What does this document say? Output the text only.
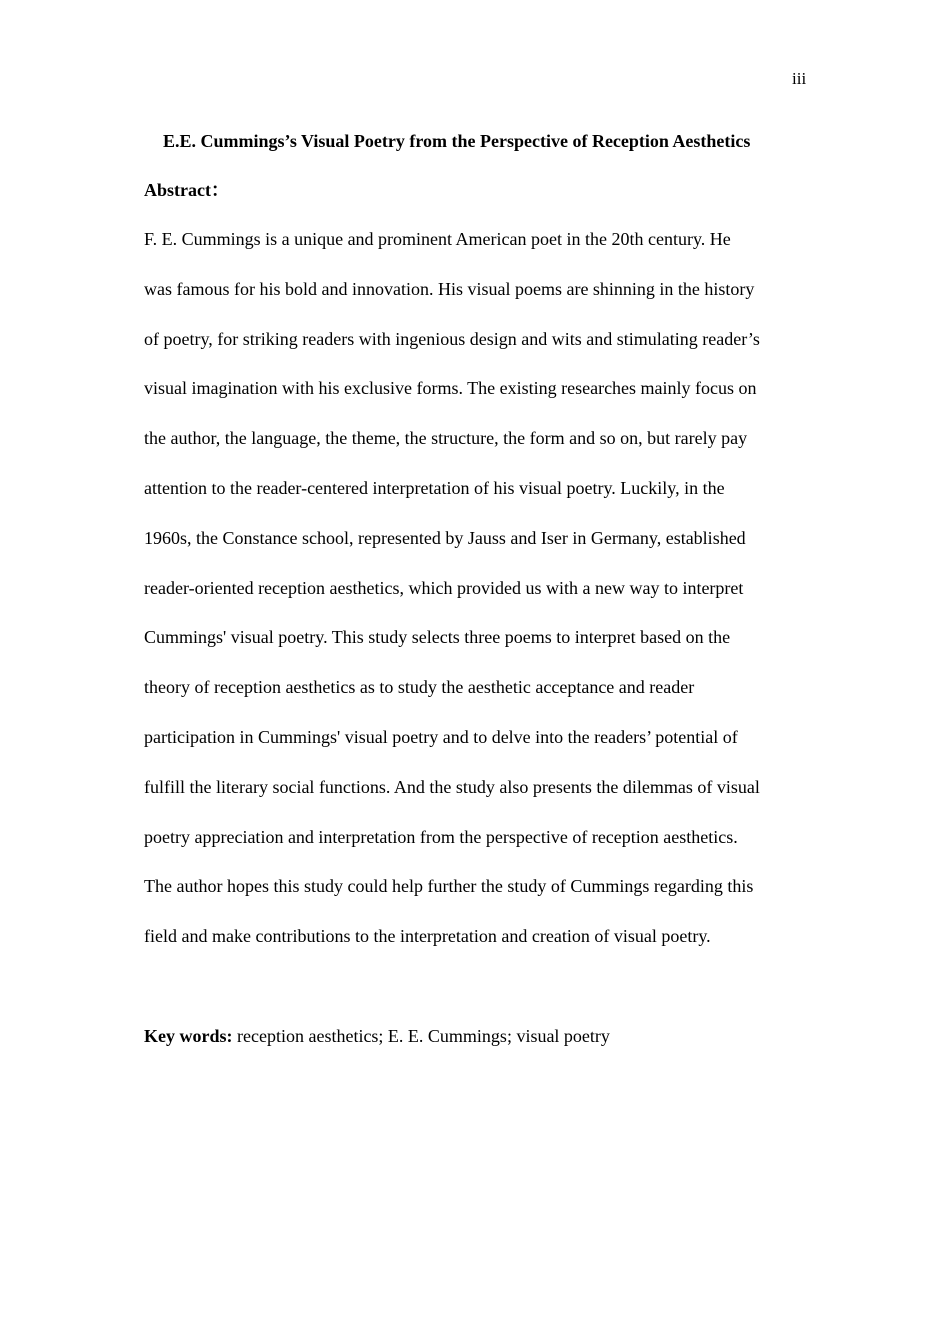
iii
E.E. Cummings’s Visual Poetry from the Perspective of Reception Aesthetics
Abstract：
F. E. Cummings is a unique and prominent American poet in the 20th century. He
was famous for his bold and innovation. His visual poems are shinning in the history
of poetry, for striking readers with ingenious design and wits and stimulating reader’s
visual imagination with his exclusive forms. The existing researches mainly focus on
the author, the language, the theme, the structure, the form and so on, but rarely pay
attention to the reader-centered interpretation of his visual poetry. Luckily, in the
1960s, the Constance school, represented by Jauss and Iser in Germany, established
reader-oriented reception aesthetics, which provided us with a new way to interpret
Cummings' visual poetry. This study selects three poems to interpret based on the
theory of reception aesthetics as to study the aesthetic acceptance and reader
participation in Cummings' visual poetry and to delve into the readers’ potential of
fulfill the literary social functions. And the study also presents the dilemmas of visual
poetry appreciation and interpretation from the perspective of reception aesthetics.
The author hopes this study could help further the study of Cummings regarding this
field and make contributions to the interpretation and creation of visual poetry.
Key words: reception aesthetics; E. E. Cummings; visual poetry
